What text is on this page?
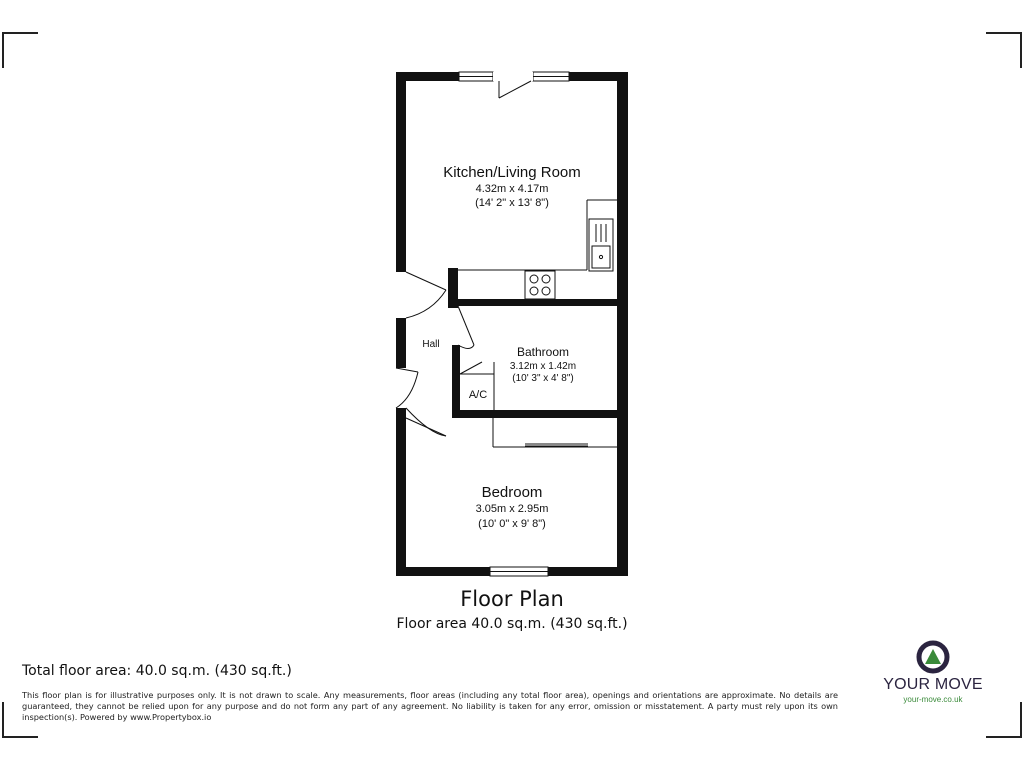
Kitchen/Living Room
4.32m x 4.17m
(14' 2" x 13' 8")
Hall
Bathroom
3.12m x 1.42m
(10' 3" x 4' 8")
A/C
Bedroom
3.05m x 2.95m
(10' 0" x 9' 8")
Floor Plan
Floor area 40.0 sq.m. (430 sq.ft.)
Total floor area: 40.0 sq.m. (430 sq.ft.)
This floor plan is for illustrative purposes only. It is not drawn to scale. Any measurements, floor areas (including any total floor area), openings and orientations are approximate. No details are guaranteed, they cannot be relied upon for any purpose and do not form any part of any agreement. No liability is taken for any error, omission or misstatement. A party must rely upon its own inspection(s). Powered by www.Propertybox.io
YOUR MOVE
your-move.co.uk
